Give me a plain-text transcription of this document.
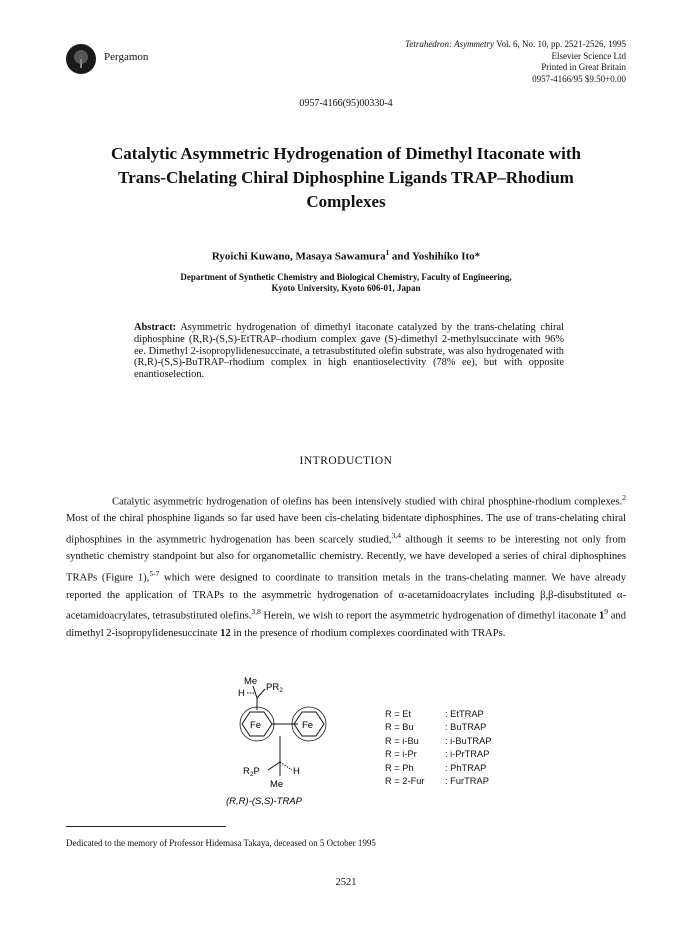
Pergamon
Tetrahedron: Asymmetry Vol. 6, No. 10, pp. 2521-2526, 1995
Elsevier Science Ltd
Printed in Great Britain
0957-4166/95 $9.50+0.00
0957-4166(95)00330-4
Catalytic Asymmetric Hydrogenation of Dimethyl Itaconate with Trans-Chelating Chiral Diphosphine Ligands TRAP–Rhodium Complexes
Ryoichi Kuwano, Masaya Sawamura$^1$ and Yoshihiko Ito*
Department of Synthetic Chemistry and Biological Chemistry, Faculty of Engineering,
Kyoto University, Kyoto 606-01, Japan
Abstract: Asymmetric hydrogenation of dimethyl itaconate catalyzed by the trans-chelating chiral diphosphine (R,R)-(S,S)-EtTRAP–rhodium complex gave (S)-dimethyl 2-methylsuccinate with 96% ee. Dimethyl 2-isopropylidenesuccinate, a tetrasubstituted olefin substrate, was also hydrogenated with (R,R)-(S,S)-BuTRAP–rhodium complex in high enantioselectivity (78% ee), but with opposite enantioselection.
INTRODUCTION
Catalytic asymmetric hydrogenation of olefins has been intensively studied with chiral phosphine-rhodium complexes.$^2$ Most of the chiral phosphine ligands so far used have been cis-chelating bidentate diphosphines. The use of trans-chelating chiral diphosphines in the asymmetric hydrogenation has been scarcely studied,$^{3,4}$ although it seems to be interesting not only from synthetic chemistry standpoint but also for organometallic chemistry. Recently, we have developed a series of chiral diphosphines TRAPs (Figure 1),$^{5-7}$ which were designed to coordinate to transition metals in the trans-chelating manner. We have already reported the application of TRAPs to the asymmetric hydrogenation of α-acetamidoacrylates including β,β-disubstituted α-acetamidoacrylates, tetrasubstituted olefins.$^{3,8}$ Herein, we wish to report the asymmetric hydrogenation of dimethyl itaconate $1^9$ and dimethyl 2-isopropylidenesuccinate 12 in the presence of rhodium complexes coordinated with TRAPs.
Me
H
$PR_2$
Fe	Fe
$R_2P$	H
Me
(R,R)-(S,S)-TRAP
R = Et	: EtTRAP
R = Bu	: BuTRAP
R = i-Bu	: i-BuTRAP
R = i-Pr	: i-PrTRAP
R = Ph	: PhTRAP
R = 2-Fur	: FurTRAP
Dedicated to the memory of Professor Hidemasa Takaya, deceased on 5 October 1995
2521
